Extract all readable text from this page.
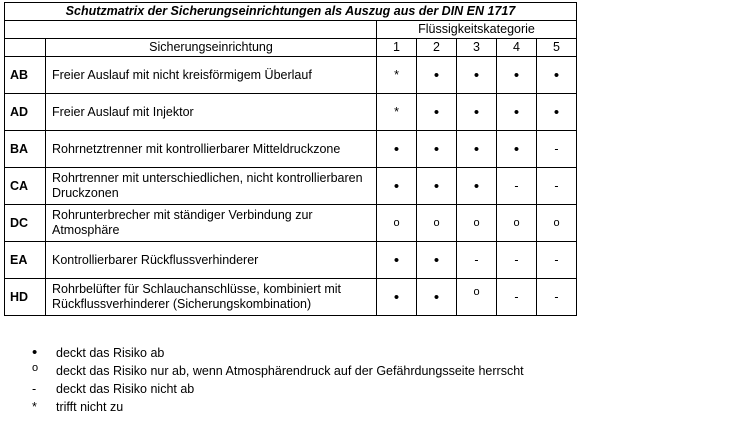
Schutzmatrix der Sicherungseinrichtungen als Auszug aus der DIN EN 1717						
		Flüssigkeitskategorie				
	Sicherungseinrichtung	1	2	3	4	5
AB	Freier Auslauf mit nicht kreisförmigem Überlauf	*	•	•	•	•
AD	Freier Auslauf mit Injektor	*	•	•	•	•
BA	Rohrnetztrenner mit kontrollierbarer Mitteldruckzone	•	•	•	•	-
CA	Rohrtrenner mit unterschiedlichen, nicht kontrollierbaren Druckzonen	•	•	•	-	-
DC	Rohrunterbrecher mit ständiger Verbindung zur Atmosphäre	o	o	o	o	o
EA	Kontrollierbarer Rückflussverhinderer	•	•	-	-	-
HD	Rohrbelüfter für Schlauchanschlüsse, kombiniert mit Rückflussverhinderer (Sicherungskombination)	•	•	o	-	-
•	deckt das Risiko ab
o	deckt das Risiko nur ab, wenn Atmosphärendruck auf der Gefährdungsseite herrscht
-	deckt das Risiko nicht ab
*	trifft nicht zu
